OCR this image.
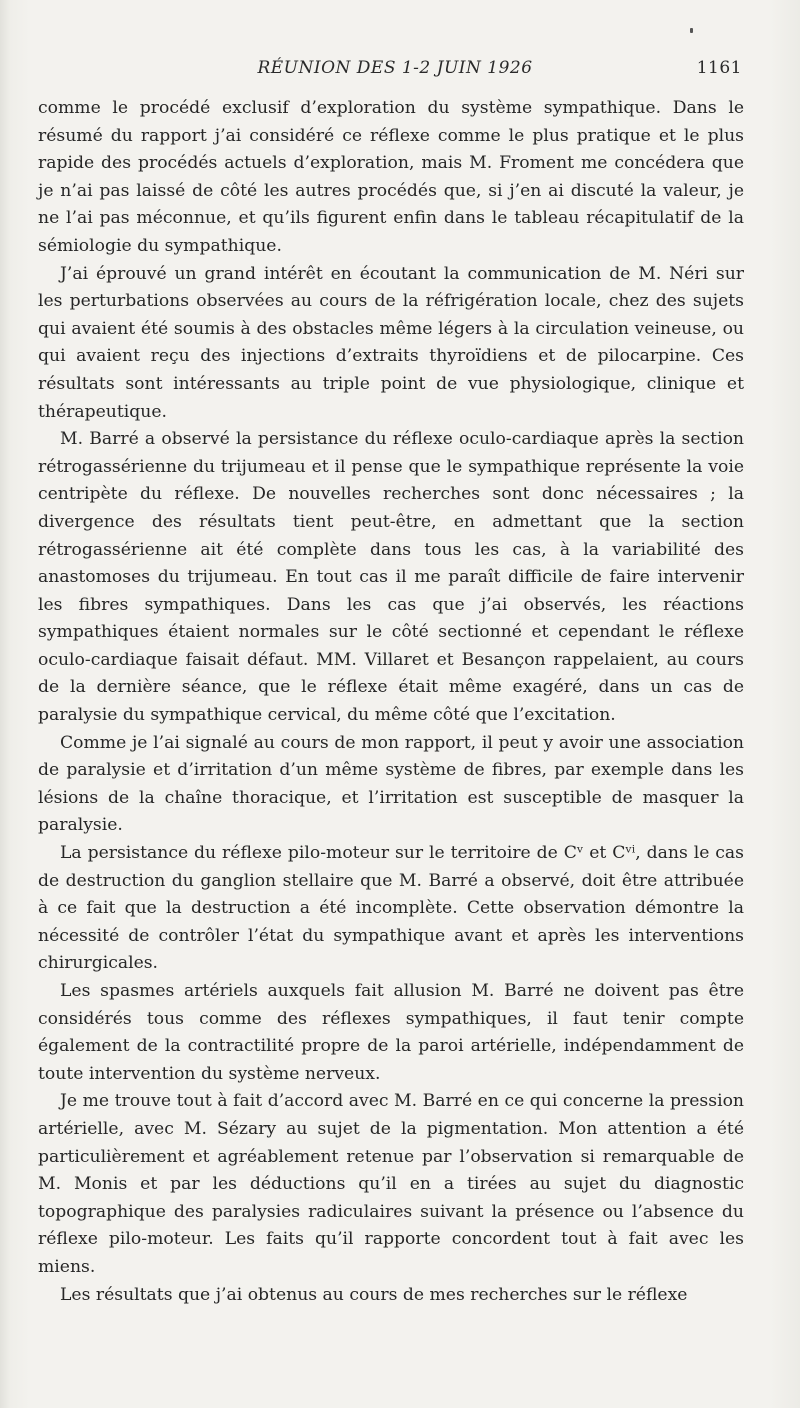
RÉUNION DES 1-2 JUIN 1926	1161

comme le procédé exclusif d’exploration du système sympathique. Dans le résumé du rapport j’ai considéré ce réflexe comme le plus pratique et le plus rapide des procédés actuels d’exploration, mais M. Froment me concédera que je n’ai pas laissé de côté les autres procédés que, si j’en ai discuté la valeur, je ne l’ai pas méconnue, et qu’ils figurent enfin dans le tableau récapitulatif de la sémiologie du sympathique.

J’ai éprouvé un grand intérêt en écoutant la communication de M. Néri sur les perturbations observées au cours de la réfrigération locale, chez des sujets qui avaient été soumis à des obstacles même légers à la circulation veineuse, ou qui avaient reçu des injections d’extraits thyroïdiens et de pilocarpine. Ces résultats sont intéressants au triple point de vue physiologique, clinique et thérapeutique.

M. Barré a observé la persistance du réflexe oculo-cardiaque après la section rétrogassérienne du trijumeau et il pense que le sympathique représente la voie centripète du réflexe. De nouvelles recherches sont donc nécessaires ; la divergence des résultats tient peut-être, en admettant que la section rétrogassérienne ait été complète dans tous les cas, à la variabilité des anastomoses du trijumeau. En tout cas il me paraît difficile de faire intervenir les fibres sympathiques. Dans les cas que j’ai observés, les réactions sympathiques étaient normales sur le côté sectionné et cependant le réflexe oculo-cardiaque faisait défaut. MM. Villaret et Besançon rappelaient, au cours de la dernière séance, que le réflexe était même exagéré, dans un cas de paralysie du sympathique cervical, du même côté que l’excitation.

Comme je l’ai signalé au cours de mon rapport, il peut y avoir une association de paralysie et d’irritation d’un même système de fibres, par exemple dans les lésions de la chaîne thoracique, et l’irritation est susceptible de masquer la paralysie.

La persistance du réflexe pilo-moteur sur le territoire de Cᵛ et Cᵛⁱ, dans le cas de destruction du ganglion stellaire que M. Barré a observé, doit être attribuée à ce fait que la destruction a été incomplète. Cette observation démontre la nécessité de contrôler l’état du sympathique avant et après les interventions chirurgicales.

Les spasmes artériels auxquels fait allusion M. Barré ne doivent pas être considérés tous comme des réflexes sympathiques, il faut tenir compte également de la contractilité propre de la paroi artérielle, indépendamment de toute intervention du système nerveux.

Je me trouve tout à fait d’accord avec M. Barré en ce qui concerne la pression artérielle, avec M. Sézary au sujet de la pigmentation. Mon attention a été particulièrement et agréablement retenue par l’observation si remarquable de M. Monis et par les déductions qu’il en a tirées au sujet du diagnostic topographique des paralysies radiculaires suivant la présence ou l’absence du réflexe pilo-moteur. Les faits qu’il rapporte concordent tout à fait avec les miens.

Les résultats que j’ai obtenus au cours de mes recherches sur le réflexe
